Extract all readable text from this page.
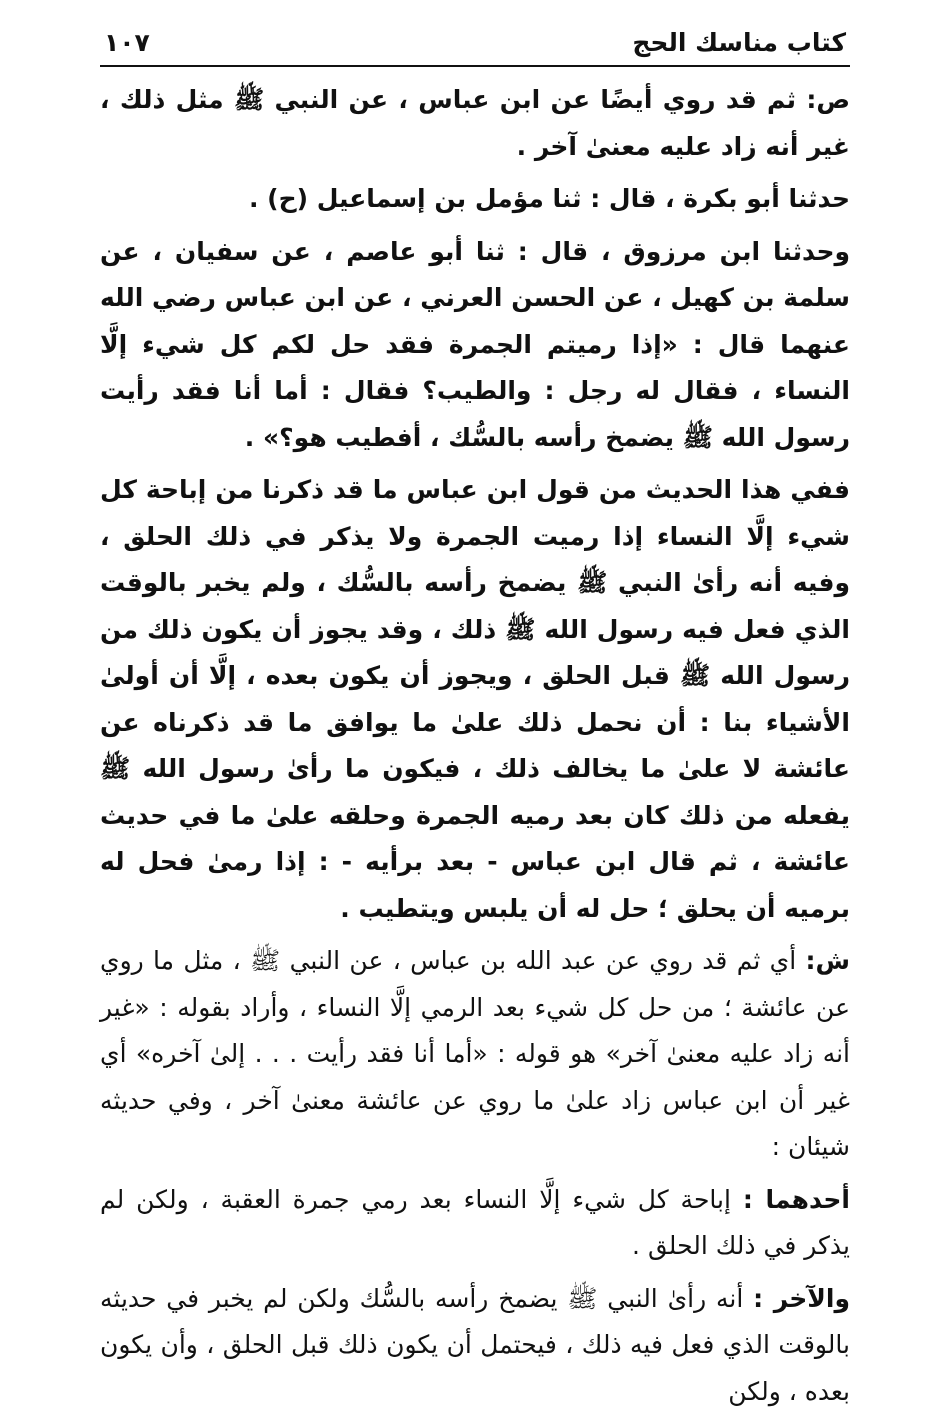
كتاب مناسك الحج
١٠٧

ص: ثم قد روي أيضًا عن ابن عباس ، عن النبي ﷺ مثل ذلك ، غير أنه زاد عليه معنىٰ آخر .

حدثنا أبو بكرة ، قال : ثنا مؤمل بن إسماعيل (ح) .

وحدثنا ابن مرزوق ، قال : ثنا أبو عاصم ، عن سفيان ، عن سلمة بن كهيل ، عن الحسن العرني ، عن ابن عباس رضي الله عنهما قال : «إذا رميتم الجمرة فقد حل لكم كل شيء إلَّا النساء ، فقال له رجل : والطيب؟ فقال : أما أنا فقد رأيت رسول الله ﷺ يضمخ رأسه بالسُّك ، أفطيب هو؟» .

ففي هذا الحديث من قول ابن عباس ما قد ذكرنا من إباحة كل شيء إلَّا النساء إذا رميت الجمرة ولا يذكر في ذلك الحلق ، وفيه أنه رأىٰ النبي ﷺ يضمخ رأسه بالسُّك ، ولم يخبر بالوقت الذي فعل فيه رسول الله ﷺ ذلك ، وقد يجوز أن يكون ذلك من رسول الله ﷺ قبل الحلق ، ويجوز أن يكون بعده ، إلَّا أن أولىٰ الأشياء بنا : أن نحمل ذلك علىٰ ما يوافق ما قد ذكرناه عن عائشة لا علىٰ ما يخالف ذلك ، فيكون ما رأىٰ رسول الله ﷺ يفعله من ذلك كان بعد رميه الجمرة وحلقه علىٰ ما في حديث عائشة ، ثم قال ابن عباس - بعد برأيه - : إذا رمىٰ فحل له برميه أن يحلق ؛ حل له أن يلبس ويتطيب .

ش: أي ثم قد روي عن عبد الله بن عباس ، عن النبي ﷺ ، مثل ما روي عن عائشة ؛ من حل كل شيء بعد الرمي إلَّا النساء ، وأراد بقوله : «غير أنه زاد عليه معنىٰ آخر» هو قوله : «أما أنا فقد رأيت . . . إلىٰ آخره» أي غير أن ابن عباس زاد علىٰ ما روي عن عائشة معنىٰ آخر ، وفي حديثه شيئان :

أحدهما : إباحة كل شيء إلَّا النساء بعد رمي جمرة العقبة ، ولكن لم يذكر في ذلك الحلق .

والآخر : أنه رأىٰ النبي ﷺ يضمخ رأسه بالسُّك ولكن لم يخبر في حديثه بالوقت الذي فعل فيه ذلك ، فيحتمل أن يكون ذلك قبل الحلق ، وأن يكون بعده ، ولكن
